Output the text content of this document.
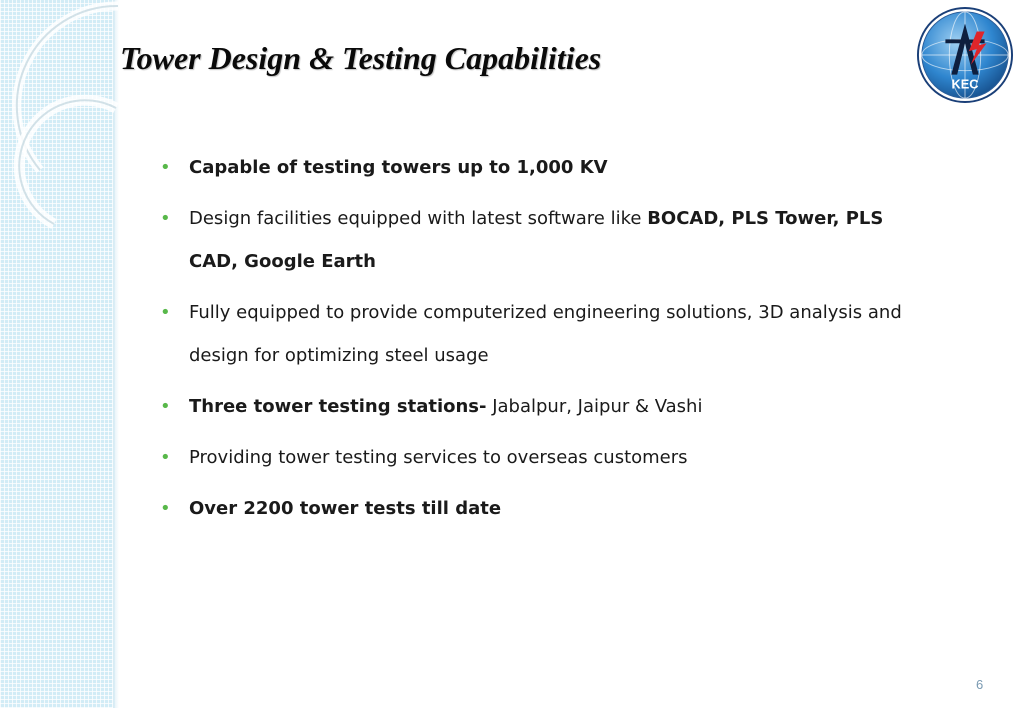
Tower Design & Testing Capabilities
KEC
• Capable of testing towers up to 1,000 KV
• Design facilities equipped with latest software like BOCAD, PLS Tower, PLS CAD, Google Earth
• Fully equipped to provide computerized engineering solutions, 3D analysis and design for optimizing steel usage
• Three tower testing stations- Jabalpur, Jaipur & Vashi
• Providing tower testing services to overseas customers
• Over 2200 tower tests till date
6
